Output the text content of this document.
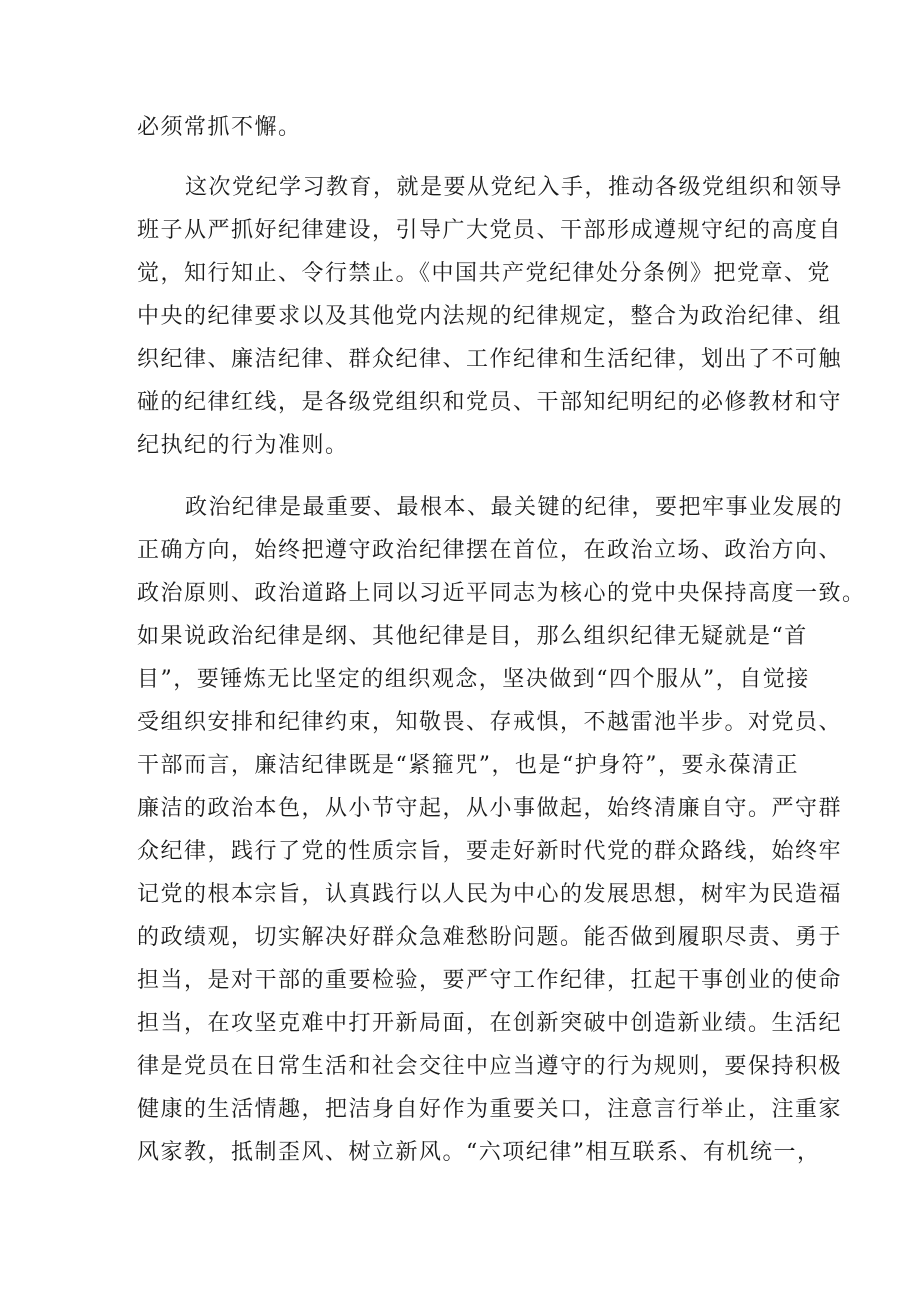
必须常抓不懈。
这次党纪学习教育，就是要从党纪入手，推动各级党组织和领导
班子从严抓好纪律建设，引导广大党员、干部形成遵规守纪的高度自
觉，知行知止、令行禁止。《中国共产党纪律处分条例》把党章、党
中央的纪律要求以及其他党内法规的纪律规定，整合为政治纪律、组
织纪律、廉洁纪律、群众纪律、工作纪律和生活纪律，划出了不可触
碰的纪律红线，是各级党组织和党员、干部知纪明纪的必修教材和守
纪执纪的行为准则。
政治纪律是最重要、最根本、最关键的纪律，要把牢事业发展的
正确方向，始终把遵守政治纪律摆在首位，在政治立场、政治方向、
政治原则、政治道路上同以习近平同志为核心的党中央保持高度一致。
如果说政治纪律是纲、其他纪律是目，那么组织纪律无疑就是“首
目”，要锤炼无比坚定的组织观念，坚决做到“四个服从”，自觉接
受组织安排和纪律约束，知敬畏、存戒惧，不越雷池半步。对党员、
干部而言，廉洁纪律既是“紧箍咒”，也是“护身符”，要永葆清正
廉洁的政治本色，从小节守起，从小事做起，始终清廉自守。严守群
众纪律，践行了党的性质宗旨，要走好新时代党的群众路线，始终牢
记党的根本宗旨，认真践行以人民为中心的发展思想，树牢为民造福
的政绩观，切实解决好群众急难愁盼问题。能否做到履职尽责、勇于
担当，是对干部的重要检验，要严守工作纪律，扛起干事创业的使命
担当，在攻坚克难中打开新局面，在创新突破中创造新业绩。生活纪
律是党员在日常生活和社会交往中应当遵守的行为规则，要保持积极
健康的生活情趣，把洁身自好作为重要关口，注意言行举止，注重家
风家教，抵制歪风、树立新风。“六项纪律”相互联系、有机统一，
